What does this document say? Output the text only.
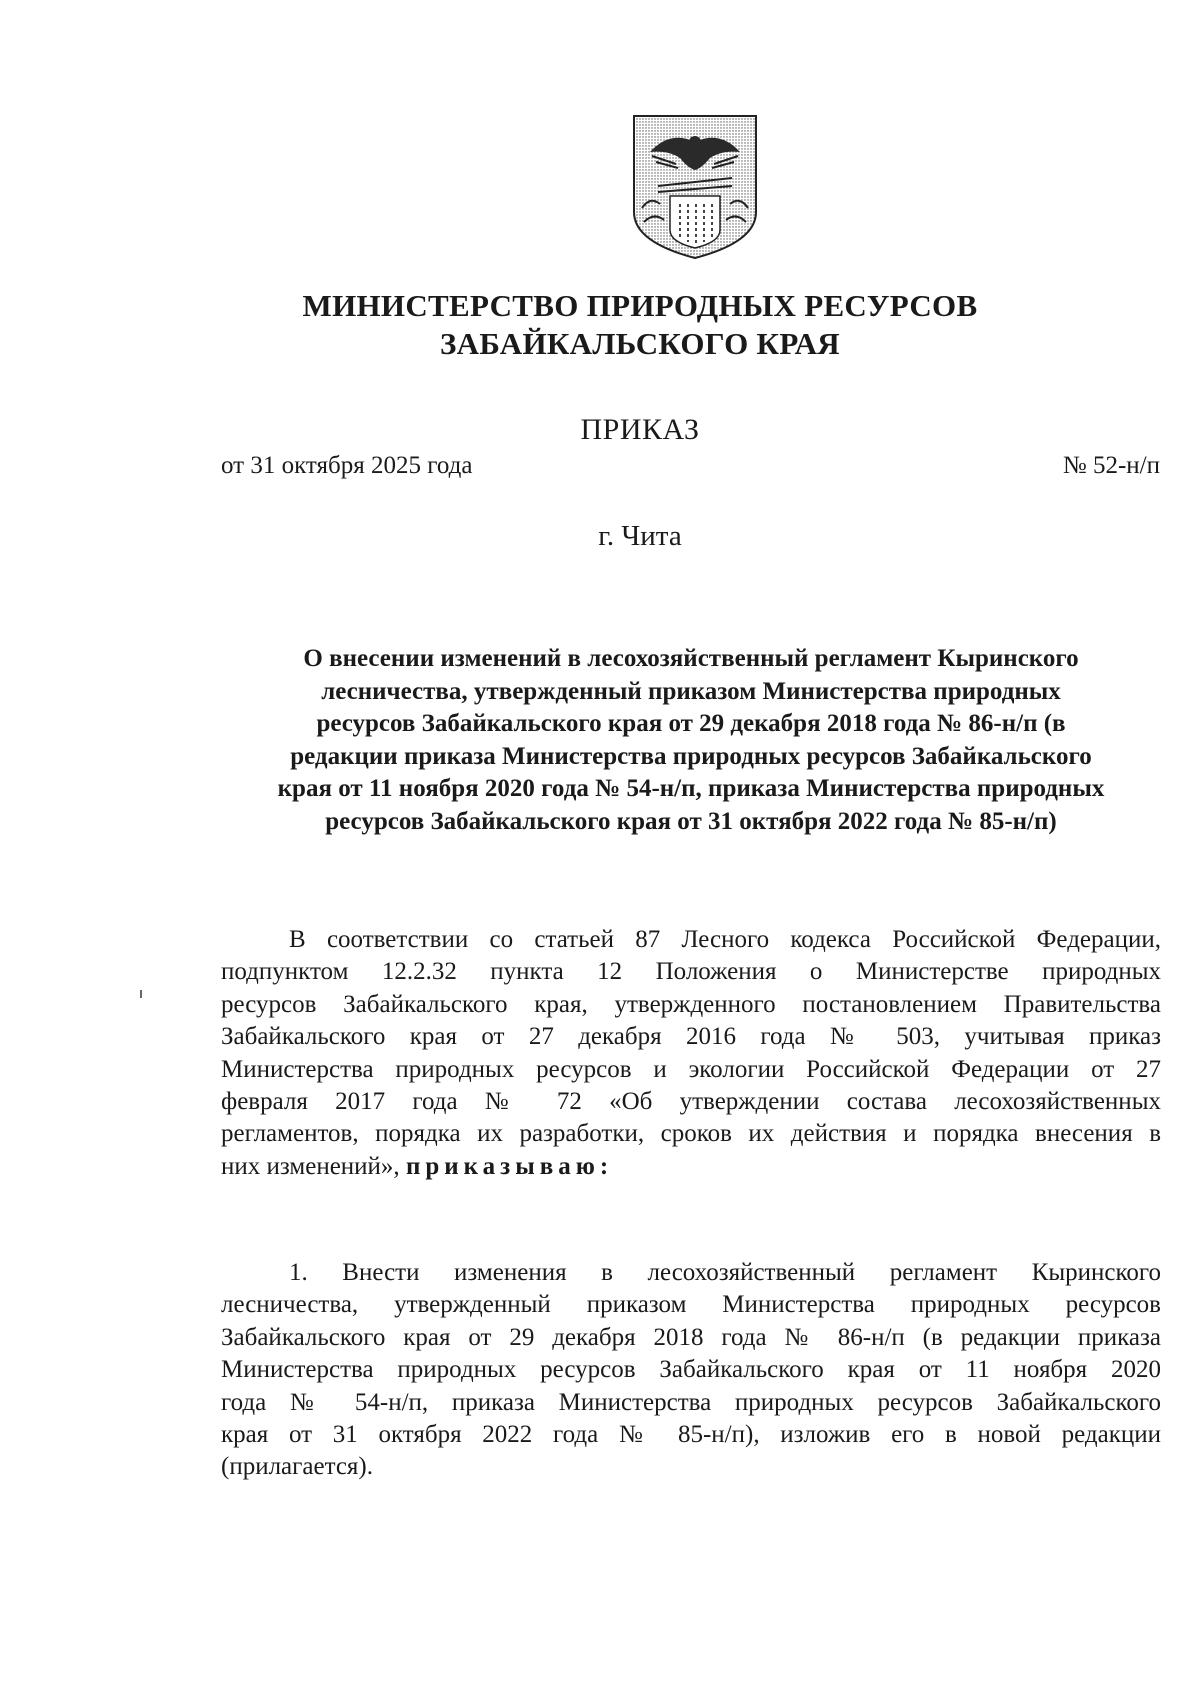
МИНИСТЕРСТВО ПРИРОДНЫХ РЕСУРСОВ
ЗАБАЙКАЛЬСКОГО КРАЯ
ПРИКАЗ
от 31 октября 2025 года	№ 52-н/п
г. Чита
О внесении изменений в лесохозяйственный регламент Кыринского
лесничества, утвержденный приказом Министерства природных
ресурсов Забайкальского края от 29 декабря 2018 года № 86-н/п (в
редакции приказа Министерства природных ресурсов Забайкальского
края от 11 ноября 2020 года № 54-н/п, приказа Министерства природных
ресурсов Забайкальского края от 31 октября 2022 года № 85-н/п)
В соответствии со статьей 87 Лесного кодекса Российской Федерации,
подпунктом 12.2.32 пункта 12 Положения о Министерстве природных
ресурсов Забайкальского края, утвержденного постановлением Правительства
Забайкальского края от 27 декабря 2016 года № 503, учитывая приказ
Министерства природных ресурсов и экологии Российской Федерации от 27
февраля 2017 года № 72 «Об утверждении состава лесохозяйственных
регламентов, порядка их разработки, сроков их действия и порядка внесения в
них изменений», приказываю:
1. Внести изменения в лесохозяйственный регламент Кыринского
лесничества, утвержденный приказом Министерства природных ресурсов
Забайкальского края от 29 декабря 2018 года № 86-н/п (в редакции приказа
Министерства природных ресурсов Забайкальского края от 11 ноября 2020
года № 54-н/п, приказа Министерства природных ресурсов Забайкальского
края от 31 октября 2022 года № 85-н/п), изложив его в новой редакции
(прилагается).
